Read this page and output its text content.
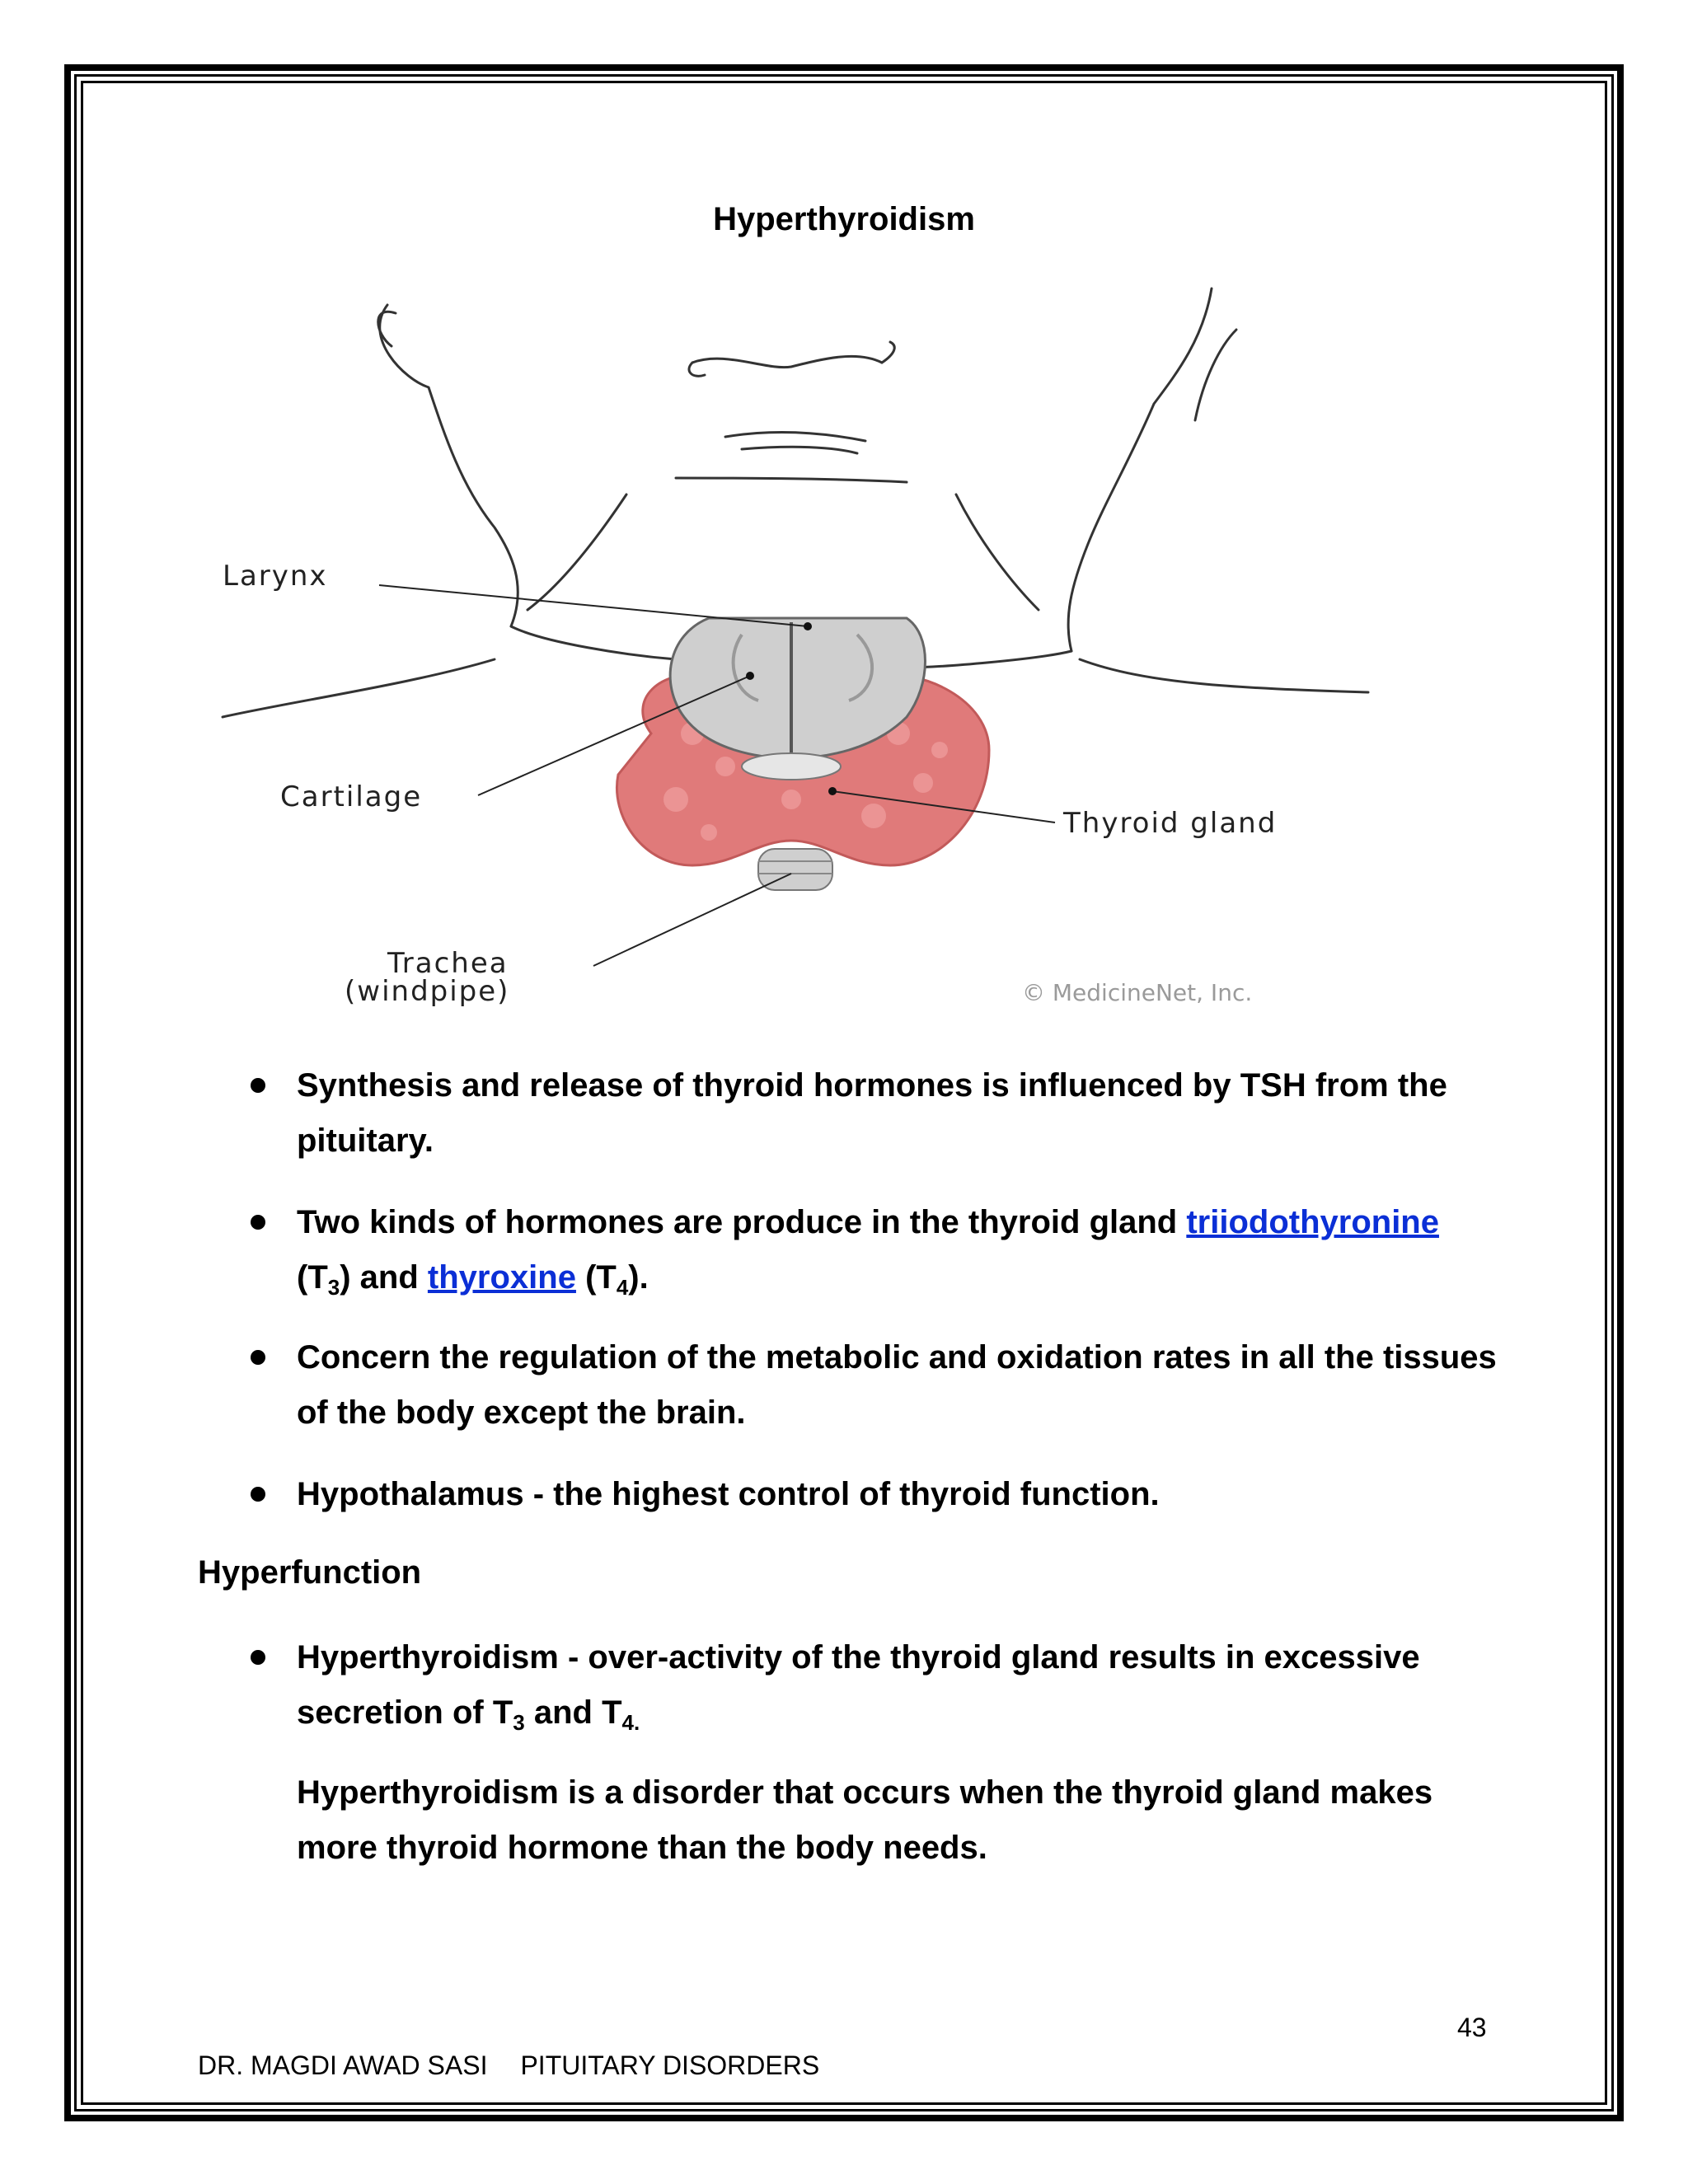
Hyperthyroidism
Larynx
Cartilage
Thyroid gland
Trachea
(windpipe)	© MedicineNet, Inc.
Synthesis and release of thyroid hormones is influenced by TSH from the pituitary.
Two kinds of hormones are produce in the thyroid gland triiodothyronine
$(T_3)$ and thyroxine $(T_4)$.
Concern the regulation of the metabolic and oxidation rates in all the tissues of the body except the brain.
Hypothalamus - the highest control of thyroid function.
Hyperfunction
Hyperthyroidism - over-activity of the thyroid gland results in excessive secretion of $T_3$ and $T_{4.}$
Hyperthyroidism is a disorder that occurs when the thyroid gland makes more thyroid hormone than the body needs.
43
DR. MAGDI AWAD SASI PITUITARY DISORDERS
